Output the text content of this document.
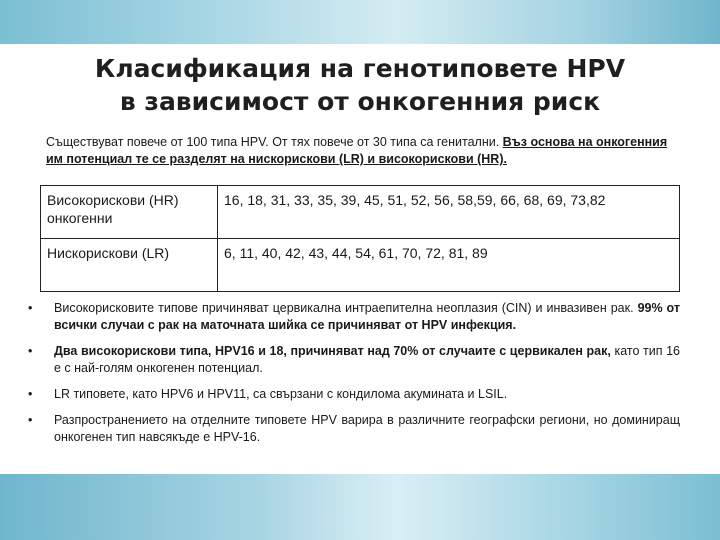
Класификация на генотиповете HPV
в зависимост от онкогенния риск
Съществуват повече от 100 типа HPV. От тях повече от 30 типа са генитални. Въз основа на онкогенния им потенциал те се разделят на нискорискови (LR) и високорискови (HR).
Високорискови (HR) онкогенни	16, 18, 31, 33, 35, 39, 45, 51, 52, 56, 58,59, 66, 68, 69, 73,82
Нискорискови (LR)	6, 11, 40, 42, 43, 44, 54, 61, 70, 72, 81, 89
• Високорисковите типове причиняват цервикална интраепителна неоплазия (CIN) и инвазивен рак. 99% от всички случаи с рак на маточната шийка се причиняват от HPV инфекция.
• Два високорискови типа, HPV16 и 18, причиняват над 70% от случаите с цервикален рак, като тип 16 е с най-голям онкогенен потенциал.
• LR типовете, като HPV6 и HPV11, са свързани с кондилома акумината и LSIL.
• Разпространението на отделните типовете HPV варира в различните географски региони, но доминиращ онкогенен тип навсякъде е HPV-16.
